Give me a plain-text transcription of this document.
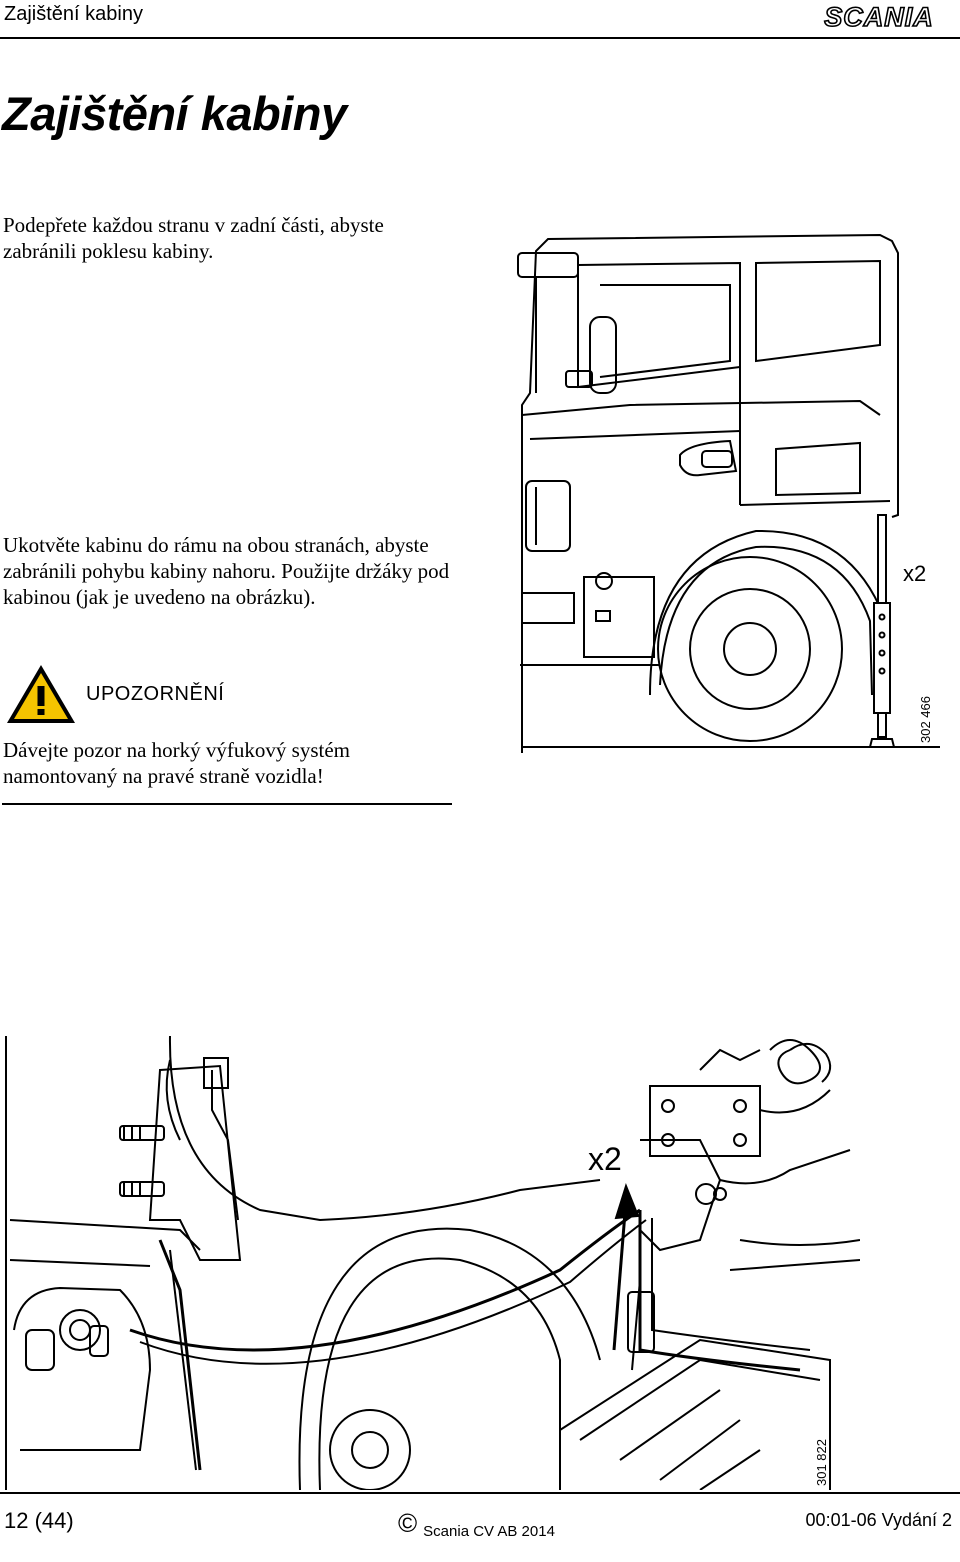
Zajištění kabiny	SCANIA
Zajištění kabiny

Podepřete každou stranu v zadní části, abyste zabránili poklesu kabiny.

Ukotvěte kabinu do rámu na obou stranách, abyste zabránili pohybu kabiny nahoru. Použijte držáky pod kabinou (jak je uvedeno na obrázku).

UPOZORNĚNÍ

Dávejte pozor na horký výfukový systém namontovaný na pravé straně vozidla!

x2
302 466
x2
301 822
12 (44)	© Scania CV AB 2014
00:01-06 Vydání 2
